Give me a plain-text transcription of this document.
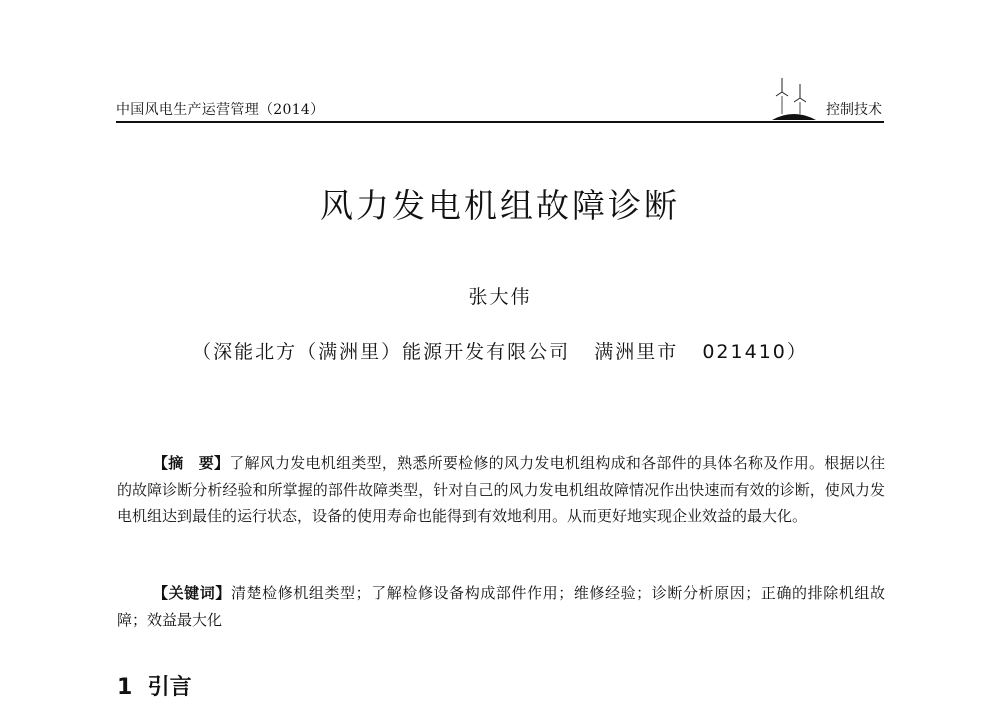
中国风电生产运营管理（2014）	控制技术
风力发电机组故障诊断
张大伟
（深能北方（满洲里）能源开发有限公司   满洲里市   021410）

【摘　要】了解风力发电机组类型，熟悉所要检修的风力发电机组构成和各部件的具体名称及作用。根据以往的故障诊断分析经验和所掌握的部件故障类型，针对自己的风力发电机组故障情况作出快速而有效的诊断，使风力发电机组达到最佳的运行状态，设备的使用寿命也能得到有效地利用。从而更好地实现企业效益的最大化。

【关键词】清楚检修机组类型；了解检修设备构成部件作用；维修经验；诊断分析原因；正确的排除机组故障；效益最大化

1  引言
